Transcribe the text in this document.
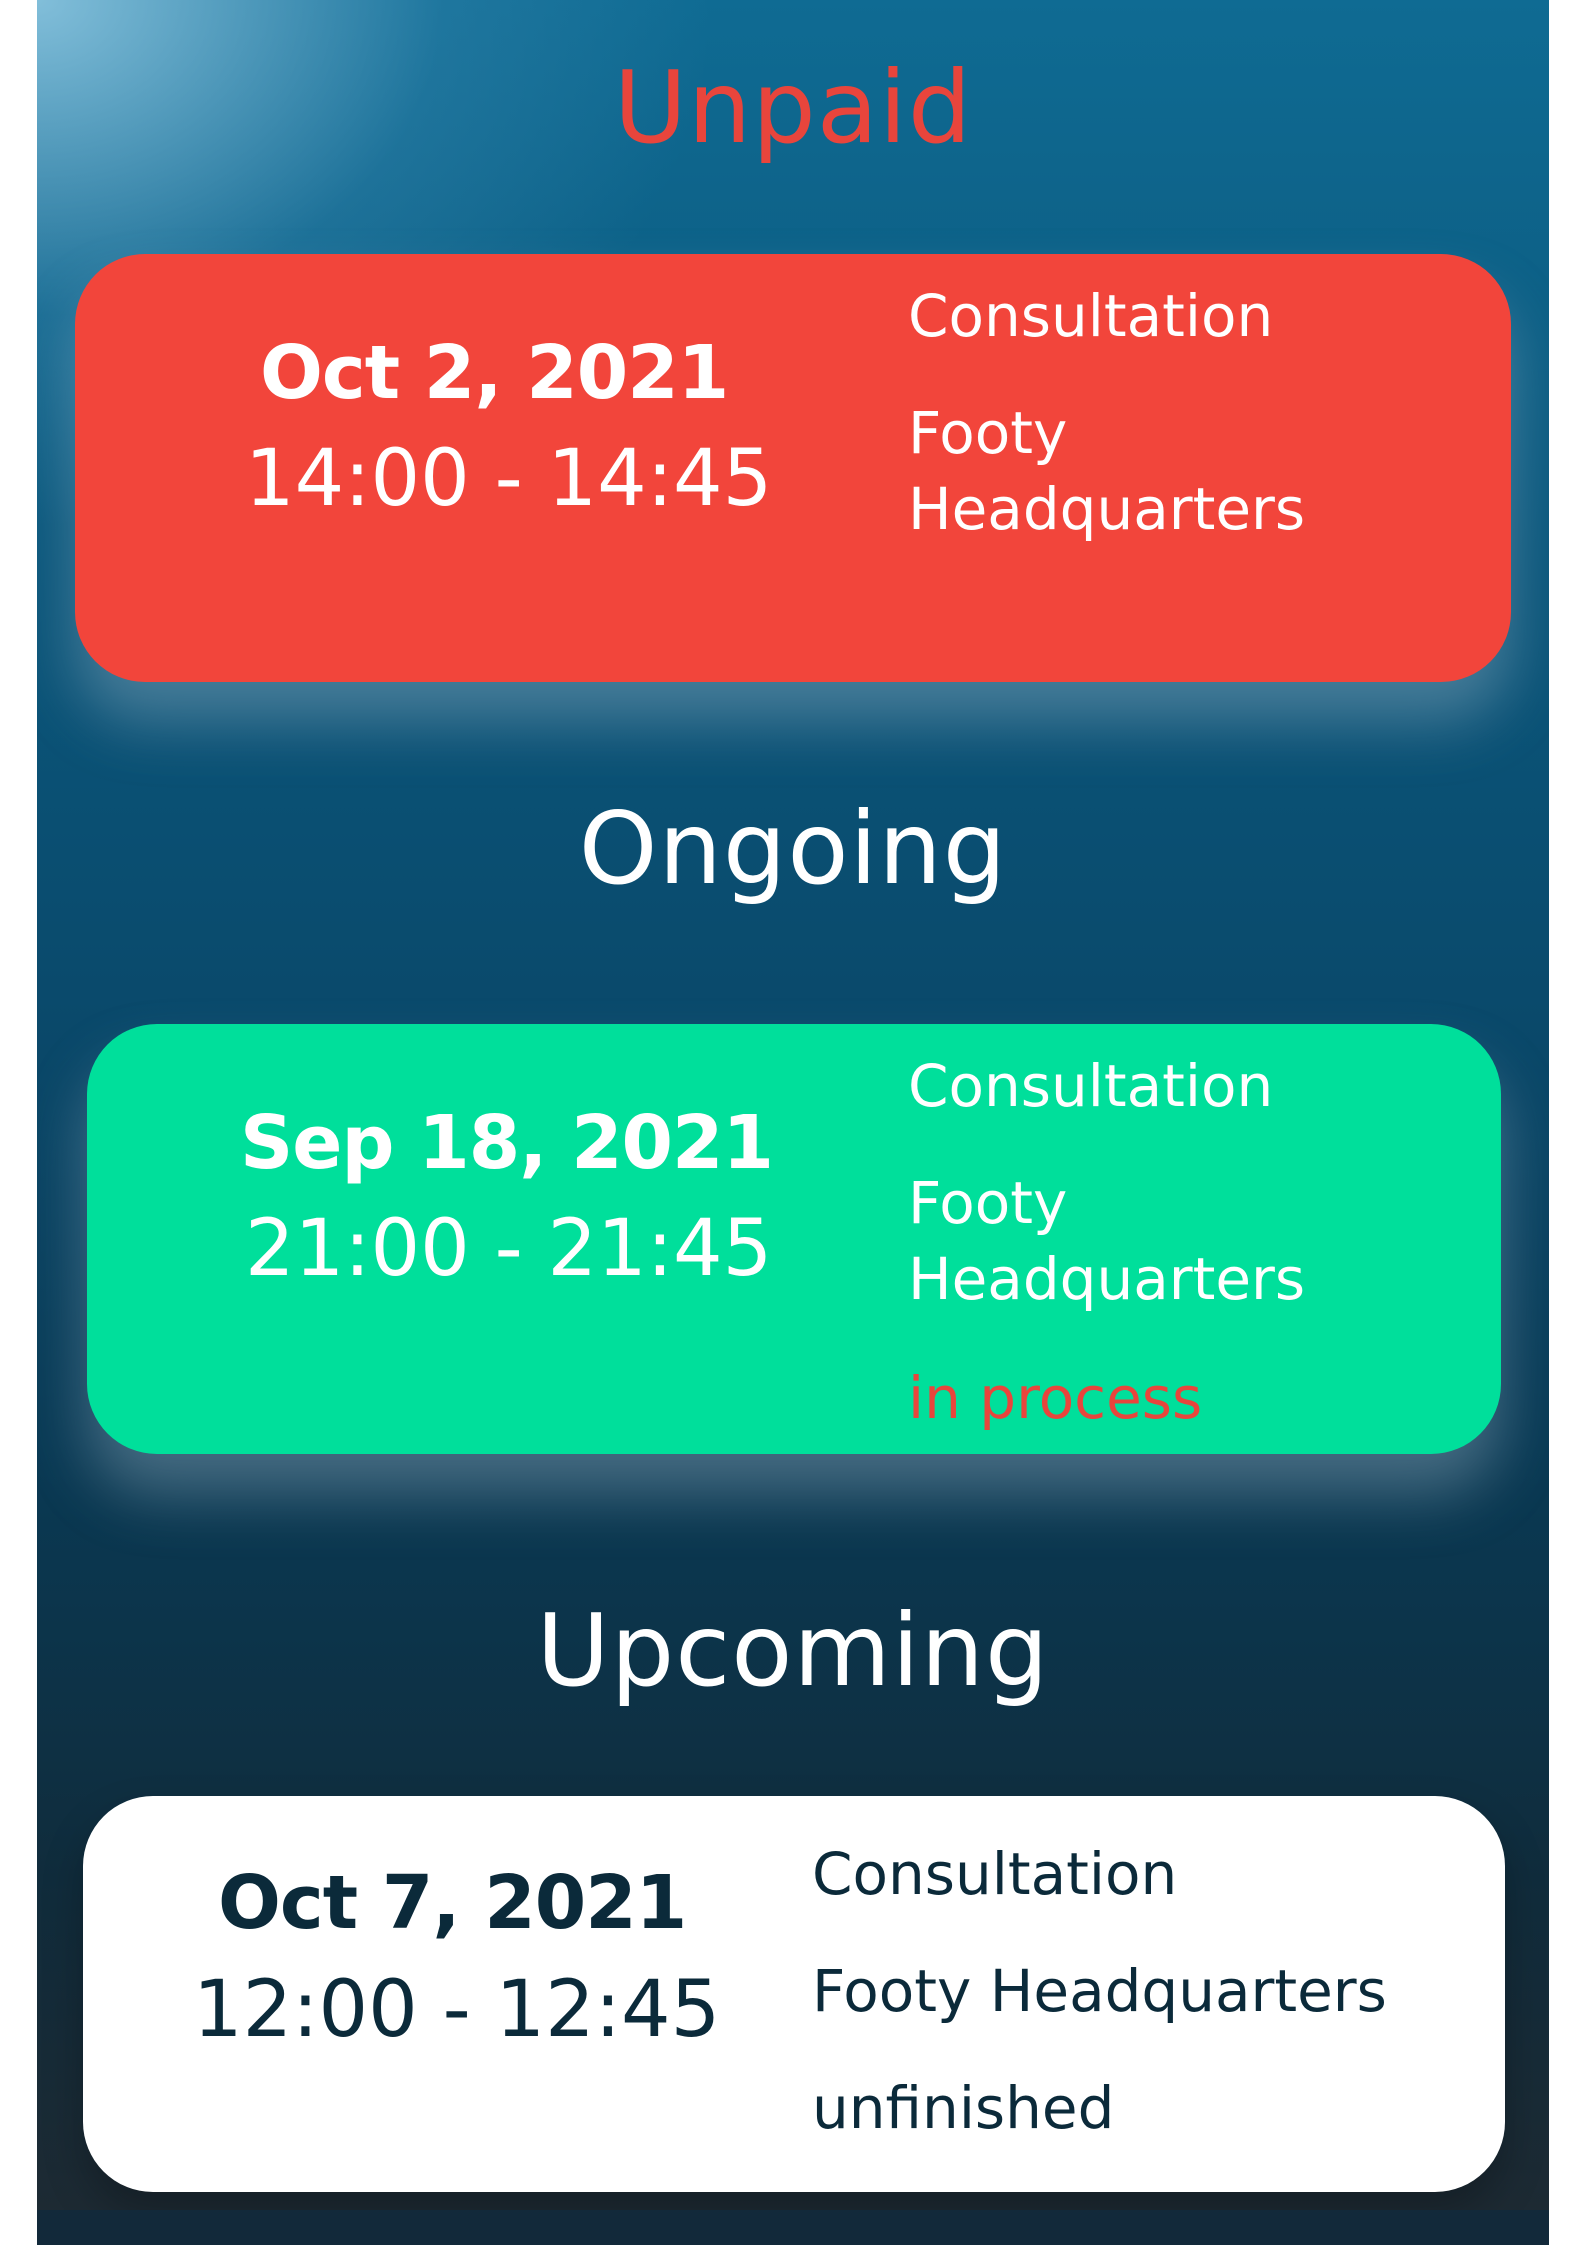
Unpaid
Oct 2, 2021
14:00 - 14:45
Consultation
Footy
Headquarters
Ongoing
Sep 18, 2021
21:00 - 21:45
Consultation
Footy
Headquarters
in process
Upcoming
Oct 7, 2021
12:00 - 12:45
Consultation
Footy Headquarters
unfinished
